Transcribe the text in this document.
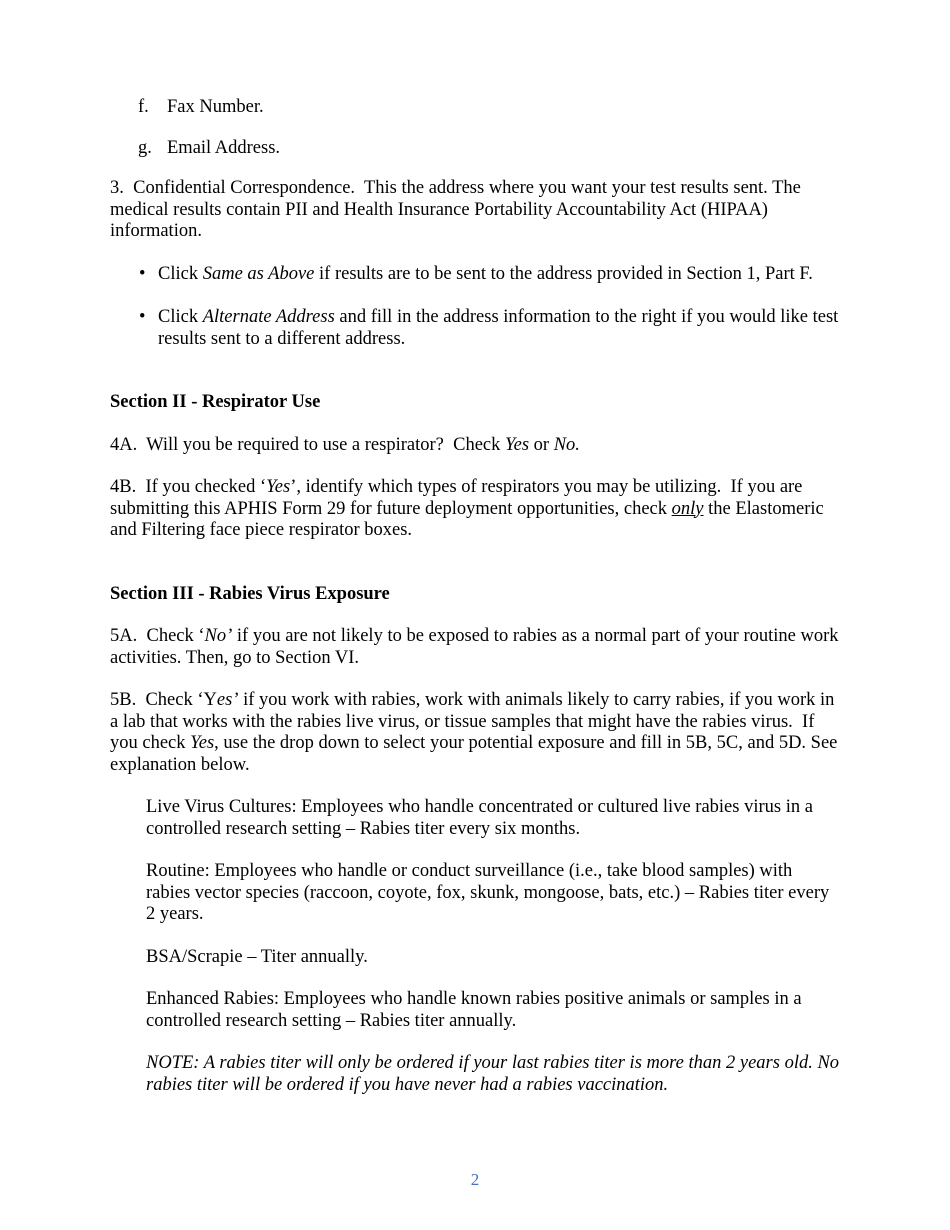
f. Fax Number.

g. Email Address.

3.  Confidential Correspondence.  This the address where you want your test results sent. The medical results contain PII and Health Insurance Portability Accountability Act (HIPAA) information.

• Click Same as Above if results are to be sent to the address provided in Section 1, Part F.

• Click Alternate Address and fill in the address information to the right if you would like test results sent to a different address.

Section II - Respirator Use

4A.  Will you be required to use a respirator?  Check Yes or No.

4B.  If you checked ‘Yes’, identify which types of respirators you may be utilizing.  If you are submitting this APHIS Form 29 for future deployment opportunities, check only the Elastomeric and Filtering face piece respirator boxes.

Section III - Rabies Virus Exposure

5A.  Check ‘No’ if you are not likely to be exposed to rabies as a normal part of your routine work activities. Then, go to Section VI.

5B.  Check ‘Yes’ if you work with rabies, work with animals likely to carry rabies, if you work in a lab that works with the rabies live virus, or tissue samples that might have the rabies virus.  If you check Yes, use the drop down to select your potential exposure and fill in 5B, 5C, and 5D. See explanation below.

Live Virus Cultures: Employees who handle concentrated or cultured live rabies virus in a controlled research setting – Rabies titer every six months.

Routine: Employees who handle or conduct surveillance (i.e., take blood samples) with rabies vector species (raccoon, coyote, fox, skunk, mongoose, bats, etc.) – Rabies titer every 2 years.

BSA/Scrapie – Titer annually.

Enhanced Rabies: Employees who handle known rabies positive animals or samples in a controlled research setting – Rabies titer annually.

NOTE: A rabies titer will only be ordered if your last rabies titer is more than 2 years old. No rabies titer will be ordered if you have never had a rabies vaccination.

2
